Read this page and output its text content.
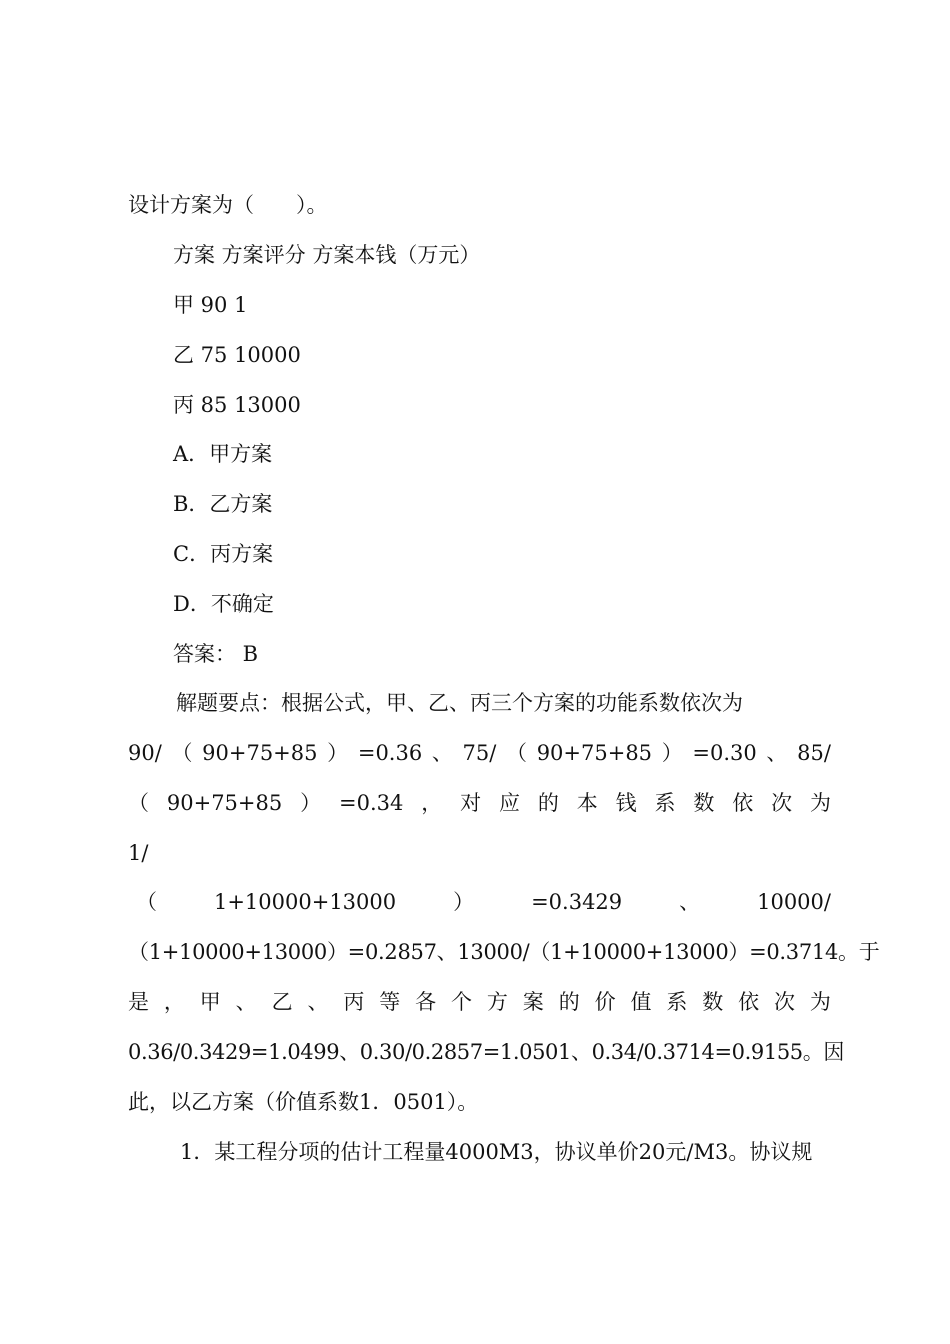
设计方案为（　　）。
方案 方案评分 方案本钱（万元）
甲 90 1
乙 75 10000
丙 85 13000
A．甲方案
B．乙方案
C．丙方案
D．不确定
答案： B
解题要点：根据公式，甲、乙、丙三个方案的功能系数依次为
90/ （ 90+75+85 ） =0.36 、 75/ （ 90+75+85 ） =0.30 、 85/
（ 90+75+85 ） =0.34 ， 对 应 的 本 钱 系 数 依 次 为
1/
（	1+10000+13000	）	=0.3429	、	10000/
（1+10000+13000）=0.2857、13000/（1+10000+13000）=0.3714。于
是 ， 甲 、 乙 、 丙 等 各 个 方 案 的 价 值 系 数 依 次 为
0.36/0.3429=1.0499、0.30/0.2857=1.0501、0.34/0.3714=0.9155。因
此，以乙方案（价值系数1．0501）。
1．某工程分项的估计工程量4000M3，协议单价20元/M3。协议规
